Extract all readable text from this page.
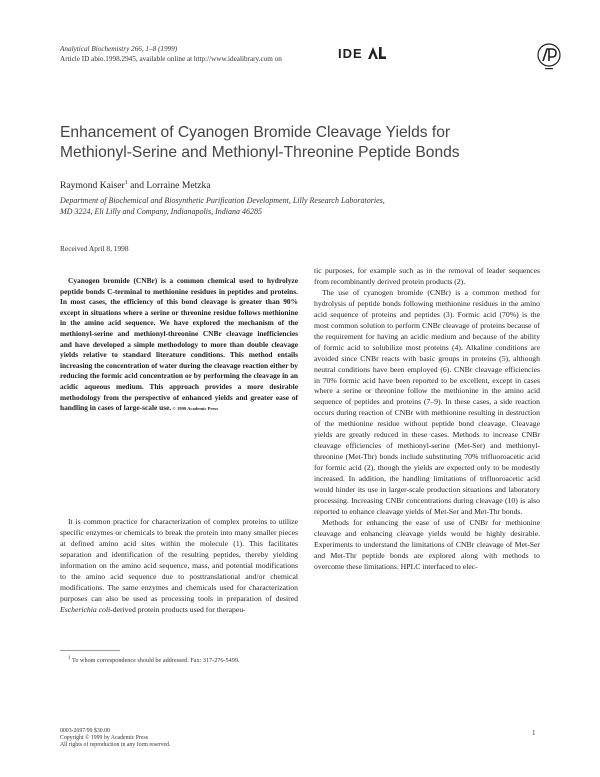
Analytical Biochemistry 266, 1–8 (1999)
Article ID abio.1998.2945, available online at http://www.idealibrary.com on	IDE
Enhancement of Cyanogen Bromide Cleavage Yields for
Methionyl-Serine and Methionyl-Threonine Peptide Bonds
Raymond Kaiser$^1$ and Lorraine Metzka
Department of Biochemical and Biosynthetic Purification Development, Lilly Research Laboratories,
MD 3224, Eli Lilly and Company, Indianapolis, Indiana 46285
Received April 8, 1998

Cyanogen bromide (CNBr) is a common chemical used to hydrolyze peptide bonds C-terminal to methionine residues in peptides and proteins. In most cases, the efficiency of this bond cleavage is greater than 90% except in situations where a serine or threonine residue follows methionine in the amino acid sequence. We have explored the mechanism of the methionyl-serine and methionyl-threonine CNBr cleavage inefficiencies and have developed a simple methodology to more than double cleavage yields relative to standard literature conditions. This method entails increasing the concentration of water during the cleavage reaction either by reducing the formic acid concentration or by performing the cleavage in an acidic aqueous medium. This approach provides a more desirable methodology from the perspective of enhanced yields and greater ease of handling in cases of large-scale use. © 1999 Academic Press

It is common practice for characterization of complex proteins to utilize specific enzymes or chemicals to break the protein into many smaller pieces at defined amino acid sites within the molecule (1). This facilitates separation and identification of the resulting peptides, thereby yielding information on the amino acid sequence, mass, and potential modifications to the amino acid sequence due to posttranslational and/or chemical modifications. The same enzymes and chemicals used for characterization purposes can also be used as processing tools in preparation of desired Escherichia coli-derived protein products used for therapeu-

$^1$ To whom correspondence should be addressed. Fax: 317-276-5499.

tic purposes, for example such as in the removal of leader sequences from recombinantly derived protein products (2).

The use of cyanogen bromide (CNBr) is a common method for hydrolysis of peptide bonds following methionine residues in the amino acid sequence of proteins and peptides (3). Formic acid (70%) is the most common solution to perform CNBr cleavage of proteins because of the requirement for having an acidic medium and because of the ability of formic acid to solubilize most proteins (4). Alkaline conditions are avoided since CNBr reacts with basic groups in proteins (5), although neutral conditions have been employed (6). CNBr cleavage efficiencies in 70% formic acid have been reported to be excellent, except in cases where a serine or threonine follow the methionine in the amino acid sequence of peptides and proteins (7–9). In these cases, a side reaction occurs during reaction of CNBr with methionine resulting in destruction of the methionine residue without peptide bond cleavage. Cleavage yields are greatly reduced in these cases. Methods to increase CNBr cleavage efficiencies of methionyl-serine (Met-Ser) and methionyl-threonine (Met-Thr) bonds include substituting 70% trifluoroacetic acid for formic acid (2), though the yields are expected only to be modestly increased. In addition, the handling limitations of trifluoroacetic acid would hinder its use in larger-scale production situations and laboratory processing. Increasing CNBr concentrations during cleavage (10) is also reported to enhance cleavage yields of Met-Ser and Met-Thr bonds.

Methods for enhancing the ease of use of CNBr for methionine cleavage and enhancing cleavage yields would be highly desirable. Experiments to understand the limitations of CNBr cleavage of Met-Ser and Met-Thr peptide bonds are explored along with methods to overcome these limitations. HPLC interfaced to elec-

0003-2697/99 $30.00
Copyright © 1999 by Academic Press
All rights of reproduction in any form reserved.
1
